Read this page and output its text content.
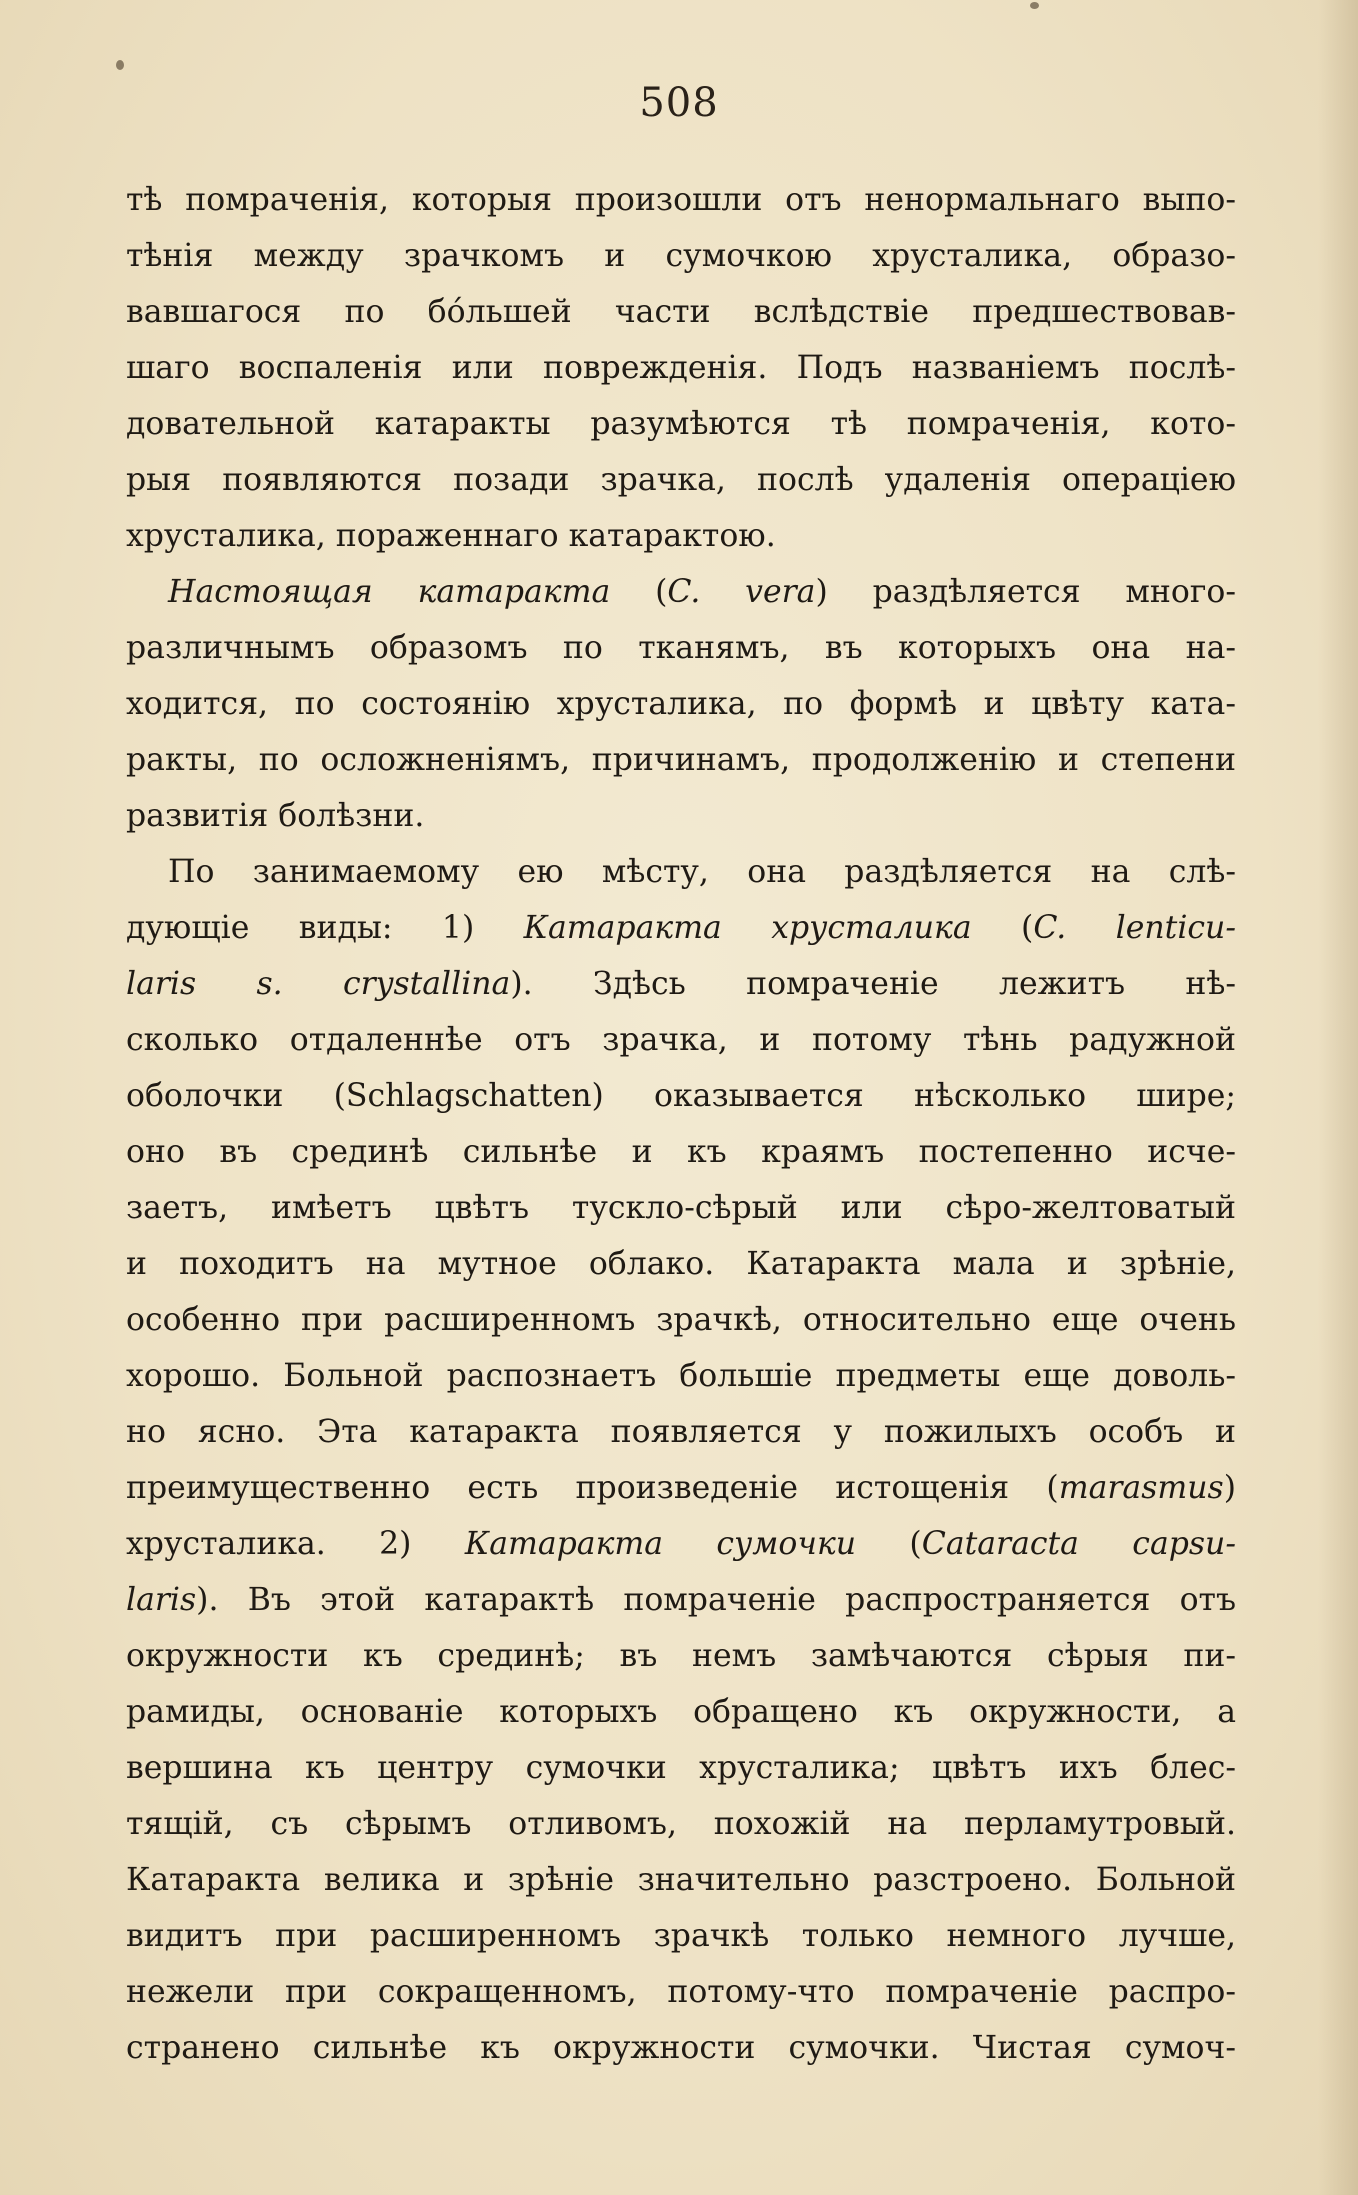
508
тѣ помраченія, которыя произошли отъ ненормальнаго выпо-
тѣнія между зрачкомъ и сумочкою хрусталика, образо-
вавшагося по бо́льшей части вслѣдствіе предшествовав-
шаго воспаленія или поврежденія. Подъ названіемъ послѣ-
довательной катаракты разумѣются тѣ помраченія, кото-
рыя появляются позади зрачка, послѣ удаленія операціею
хрусталика, пораженнаго катарактою.
Настоящая катаракта (C. vera) раздѣляется много-
различнымъ образомъ по тканямъ, въ которыхъ она на-
ходится, по состоянію хрусталика, по формѣ и цвѣту ката-
ракты, по осложненіямъ, причинамъ, продолженію и степени
развитія болѣзни.
По занимаемому ею мѣсту, она раздѣляется на слѣ-
дующіе виды: 1) Катаракта хрусталика (C. lenticu-
laris s. crystallina). Здѣсь помраченіе лежитъ нѣ-
сколько отдаленнѣе отъ зрачка, и потому тѣнь радужной
оболочки (Schlagschatten) оказывается нѣсколько шире;
оно въ срединѣ сильнѣе и къ краямъ постепенно исче-
заетъ, имѣетъ цвѣтъ тускло-сѣрый или сѣро-желтоватый
и походитъ на мутное облако. Катаракта мала и зрѣніе,
особенно при расширенномъ зрачкѣ, относительно еще очень
хорошо. Больной распознаетъ большіе предметы еще доволь-
но ясно. Эта катаракта появляется у пожилыхъ особъ и
преимущественно есть произведеніе истощенія (marasmus)
хрусталика. 2) Катаракта сумочки (Cataracta capsu-
laris). Въ этой катарактѣ помраченіе распространяется отъ
окружности къ срединѣ; въ немъ замѣчаются сѣрыя пи-
рамиды, основаніе которыхъ обращено къ окружности, а
вершина къ центру сумочки хрусталика; цвѣтъ ихъ блес-
тящій, съ сѣрымъ отливомъ, похожій на перламутровый.
Катаракта велика и зрѣніе значительно разстроено. Больной
видитъ при расширенномъ зрачкѣ только немного лучше,
нежели при сокращенномъ, потому-что помраченіе распро-
странено сильнѣе къ окружности сумочки. Чистая сумоч-
